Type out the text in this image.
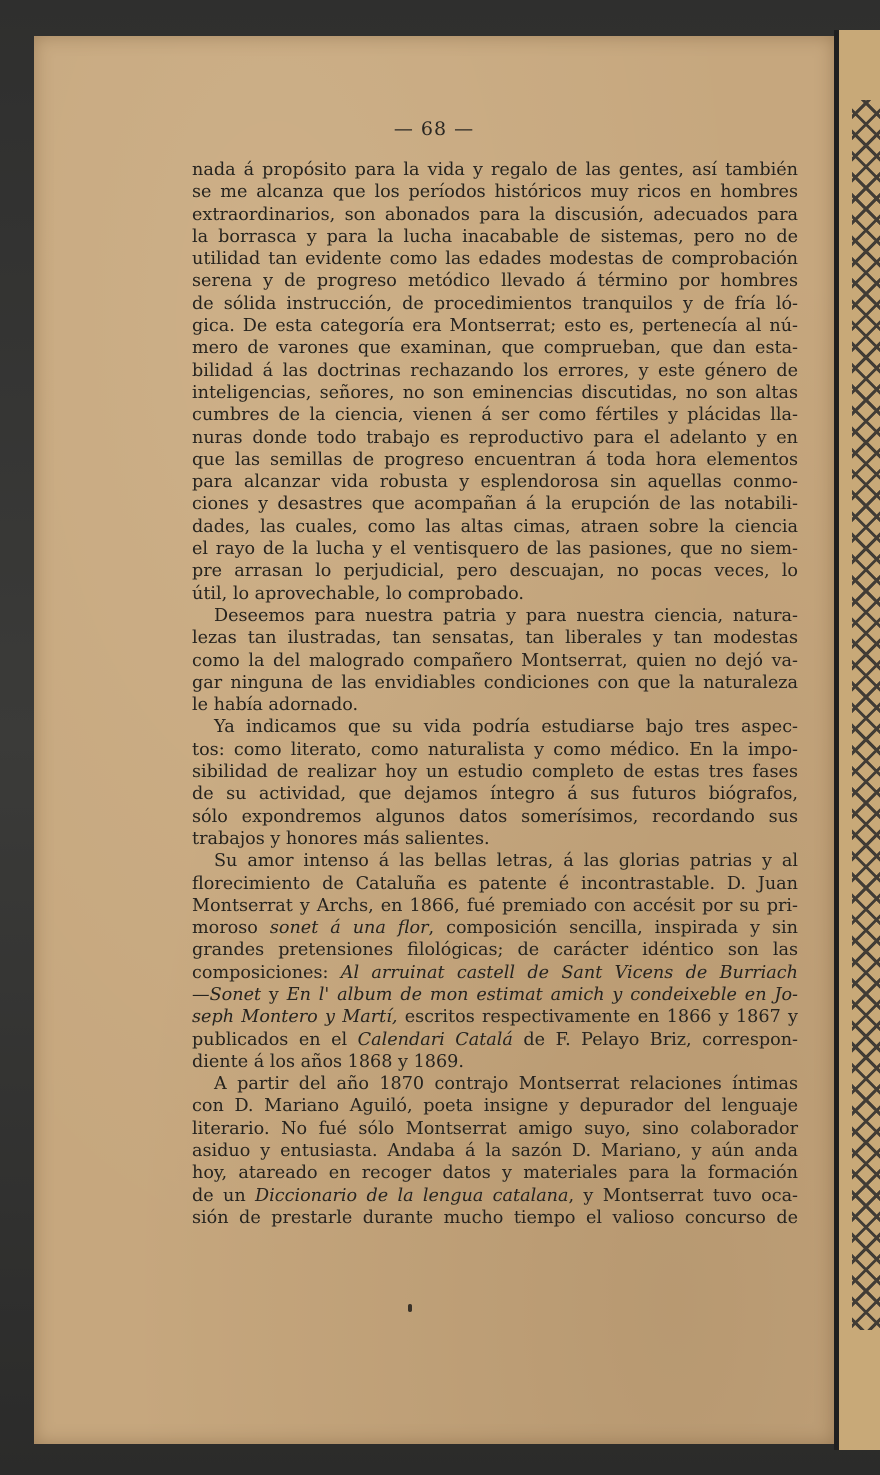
— 68 —
nada á propósito para la vida y regalo de las gentes, así también
se me alcanza que los períodos históricos muy ricos en hombres
extraordinarios, son abonados para la discusión, adecuados para
la borrasca y para la lucha inacabable de sistemas, pero no de
utilidad tan evidente como las edades modestas de comprobación
serena y de progreso metódico llevado á término por hombres
de sólida instrucción, de procedimientos tranquilos y de fría ló-
gica. De esta categoría era Montserrat; esto es, pertenecía al nú-
mero de varones que examinan, que comprueban, que dan esta-
bilidad á las doctrinas rechazando los errores, y este género de
inteligencias, señores, no son eminencias discutidas, no son altas
cumbres de la ciencia, vienen á ser como fértiles y plácidas lla-
nuras donde todo trabajo es reproductivo para el adelanto y en
que las semillas de progreso encuentran á toda hora elementos
para alcanzar vida robusta y esplendorosa sin aquellas conmo-
ciones y desastres que acompañan á la erupción de las notabili-
dades, las cuales, como las altas cimas, atraen sobre la ciencia
el rayo de la lucha y el ventisquero de las pasiones, que no siem-
pre arrasan lo perjudicial, pero descuajan, no pocas veces, lo
útil, lo aprovechable, lo comprobado.
Deseemos para nuestra patria y para nuestra ciencia, natura-
lezas tan ilustradas, tan sensatas, tan liberales y tan modestas
como la del malogrado compañero Montserrat, quien no dejó va-
gar ninguna de las envidiables condiciones con que la naturaleza
le había adornado.
Ya indicamos que su vida podría estudiarse bajo tres aspec-
tos: como literato, como naturalista y como médico. En la impo-
sibilidad de realizar hoy un estudio completo de estas tres fases
de su actividad, que dejamos íntegro á sus futuros biógrafos,
sólo expondremos algunos datos somerísimos, recordando sus
trabajos y honores más salientes.
Su amor intenso á las bellas letras, á las glorias patrias y al
florecimiento de Cataluña es patente é incontrastable. D. Juan
Montserrat y Archs, en 1866, fué premiado con accésit por su pri-
moroso sonet á una flor, composición sencilla, inspirada y sin
grandes pretensiones filológicas; de carácter idéntico son las
composiciones: Al arruinat castell de Sant Vicens de Burriach
—Sonet y En l' album de mon estimat amich y condeixeble en Jo-
seph Montero y Martí, escritos respectivamente en 1866 y 1867 y
publicados en el Calendari Catalá de F. Pelayo Briz, correspon-
diente á los años 1868 y 1869.
A partir del año 1870 contrajo Montserrat relaciones íntimas
con D. Mariano Aguiló, poeta insigne y depurador del lenguaje
literario. No fué sólo Montserrat amigo suyo, sino colaborador
asiduo y entusiasta. Andaba á la sazón D. Mariano, y aún anda
hoy, atareado en recoger datos y materiales para la formación
de un Diccionario de la lengua catalana, y Montserrat tuvo oca-
sión de prestarle durante mucho tiempo el valioso concurso de
